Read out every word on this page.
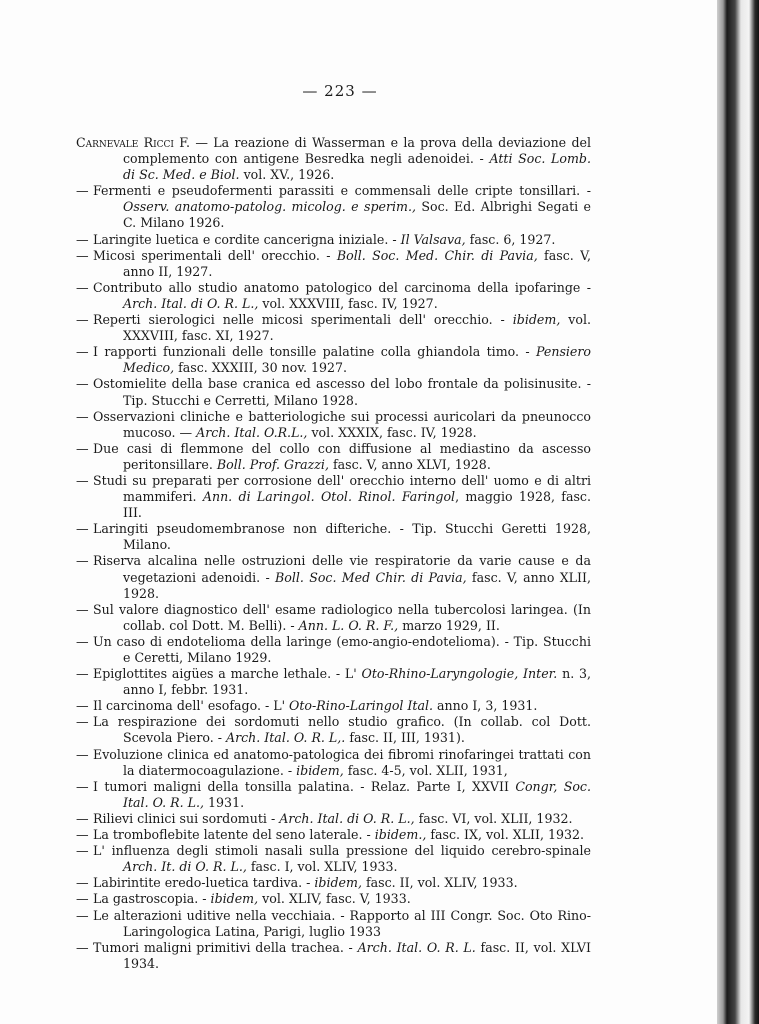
— 223 —
Carnevale Ricci F. — La reazione di Wasserman e la prova della deviazione del complemento con antigene Besredka negli adenoidei. - Atti Soc. Lomb. di Sc. Med. e Biol. vol. XV., 1926.
— Fermenti e pseudofermenti parassiti e commensali delle cripte tonsillari. - Osserv. anatomo-patolog. micolog. e sperim., Soc. Ed. Albrighi Segati e C. Milano 1926.
— Laringite luetica e cordite cancerigna iniziale. - Il Valsava, fasc. 6, 1927.
— Micosi sperimentali dell' orecchio. - Boll. Soc. Med. Chir. di Pavia, fasc. V, anno II, 1927.
— Contributo allo studio anatomo patologico del carcinoma della ipofaringe - Arch. Ital. di O. R. L., vol. XXXVIII, fasc. IV, 1927.
— Reperti sierologici nelle micosi sperimentali dell' orecchio. - ibidem, vol. XXXVIII, fasc. XI, 1927.
— I rapporti funzionali delle tonsille palatine colla ghiandola timo. - Pensiero Medico, fasc. XXXIII, 30 nov. 1927.
— Ostomielite della base cranica ed ascesso del lobo frontale da polisinusite. - Tip. Stucchi e Cerretti, Milano 1928.
— Osservazioni cliniche e batteriologiche sui processi auricolari da pneunocco mucoso. — Arch. Ital. O.R.L., vol. XXXIX, fasc. IV, 1928.
— Due casi di flemmone del collo con diffusione al mediastino da ascesso peritonsillare. Boll. Prof. Grazzi, fasc. V, anno XLVI, 1928.
— Studi su preparati per corrosione dell' orecchio interno dell' uomo e di altri mammiferi. Ann. di Laringol. Otol. Rinol. Faringol, maggio 1928, fasc. III.
— Laringiti pseudomembranose non difteriche. - Tip. Stucchi Geretti 1928, Milano.
— Riserva alcalina nelle ostruzioni delle vie respiratorie da varie cause e da vegetazioni adenoidi. - Boll. Soc. Med Chir. di Pavia, fasc. V, anno XLII, 1928.
— Sul valore diagnostico dell' esame radiologico nella tubercolosi laringea. (In collab. col Dott. M. Belli). - Ann. L. O. R. F., marzo 1929, II.
— Un caso di endotelioma della laringe (emo-angio-endotelioma). - Tip. Stucchi e Ceretti, Milano 1929.
— Epiglottites aigües a marche lethale. - L' Oto-Rhino-Laryngologie, Inter. n. 3, anno I, febbr. 1931.
— Il carcinoma dell' esofago. - L' Oto-Rino-Laringol Ital. anno I, 3, 1931.
— La respirazione dei sordomuti nello studio grafico. (In collab. col Dott. Scevola Piero. - Arch. Ital. O. R. L,. fasc. II, III, 1931).
— Evoluzione clinica ed anatomo-patologica dei fibromi rinofaringei trattati con la diatermocoagulazione. - ibidem, fasc. 4-5, vol. XLII, 1931,
— I tumori maligni della tonsilla palatina. - Relaz. Parte I, XXVII Congr, Soc. Ital. O. R. L., 1931.
— Rilievi clinici sui sordomuti - Arch. Ital. di O. R. L., fasc. VI, vol. XLII, 1932.
— La tromboflebite latente del seno laterale. - ibidem., fasc. IX, vol. XLII, 1932.
— L' influenza degli stimoli nasali sulla pressione del liquido cerebro-spinale Arch. It. di O. R. L., fasc. I, vol. XLIV, 1933.
— Labirintite eredo-luetica tardiva. - ibidem, fasc. II, vol. XLIV, 1933.
— La gastroscopia. - ibidem, vol. XLIV, fasc. V, 1933.
— Le alterazioni uditive nella vecchiaia. - Rapporto al III Congr. Soc. Oto Rino-Laringologica Latina, Parigi, luglio 1933
— Tumori maligni primitivi della trachea. - Arch. Ital. O. R. L. fasc. II, vol. XLVI 1934.
